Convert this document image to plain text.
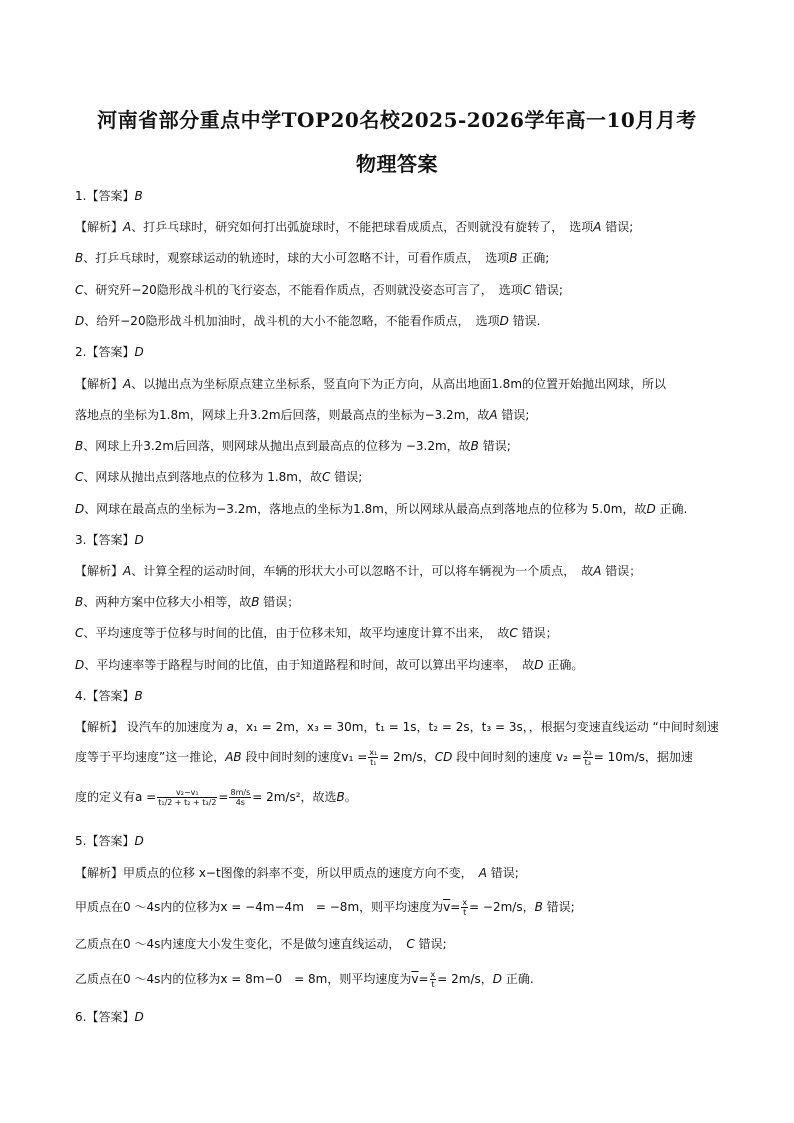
河南省部分重点中学TOP20名校2025-2026学年高一10月月考
物理答案
1.【答案】B
【解析】A、打乒乓球时，研究如何打出弧旋球时，不能把球看成质点，否则就没有旋转了，　选项A 错误;
B、打乒乓球时，观察球运动的轨迹时，球的大小可忽略不计，可看作质点，　选项B 正确;
C、研究歼−20隐形战斗机的飞行姿态，不能看作质点，否则就没姿态可言了，　选项C 错误;
D、给歼−20隐形战斗机加油时，战斗机的大小不能忽略，不能看作质点，　选项D 错误.
2.【答案】D
【解析】A、以抛出点为坐标原点建立坐标系，竖直向下为正方向，从高出地面1.8m的位置开始抛出网球，所以
落地点的坐标为1.8m，网球上升3.2m后回落，则最高点的坐标为−3.2m，故A 错误;
B、网球上升3.2m后回落，则网球从抛出点到最高点的位移为 −3.2m，故B 错误;
C、网球从抛出点到落地点的位移为 1.8m，故C 错误;
D、网球在最高点的坐标为−3.2m，落地点的坐标为1.8m，所以网球从最高点到落地点的位移为 5.0m，故D 正确.
3.【答案】D
【解析】A、计算全程的运动时间，车辆的形状大小可以忽略不计，可以将车辆视为一个质点，　故A 错误；
B、两种方案中位移大小相等，故B 错误；
C、平均速度等于位移与时间的比值，由于位移未知，故平均速度计算不出来，　故C 错误；
D、平均速率等于路程与时间的比值，由于知道路程和时间，故可以算出平均速率，　故D 正确。
4.【答案】B
【解析】 设汽车的加速度为 a，x₁ = 2m，x₃ = 30m，t₁ = 1s，t₂ = 2s，t₃ = 3s，，根据匀变速直线运动 “中间时刻速
度等于平均速度”这一推论，AB 段中间时刻的速度$v_1 = \frac{\text{x₁}}{\text{t₁}} = 2m/s$，CD 段中间时刻的速度 $v_2 = \frac{\text{x₃}}{\text{t₃}} = 10m/s$，据加速
度的定义有$a = \frac{\text{v₂−v₁}}{\text{t₁/2 + t₂ + t₃/2}} = \frac{8m/s}{4s} = 2m/s^2$，故选B。
5.【答案】D
【解析】甲质点的位移 x−t图像的斜率不变，所以甲质点的速度方向不变，　A 错误;
甲质点在0 ～4s内的位移为x = −4m−4m　= −8m，则平均速度为$\overline{v}= \frac{x}{t} = -2m/s$，B 错误;
乙质点在0 ～4s内速度大小发生变化，不是做匀速直线运动，　C 错误;
乙质点在0 ～4s内的位移为x = 8m−0　= 8m，则平均速度为$\overline{v}= \frac{x}{t} = 2m/s$，D 正确.
6.【答案】D
